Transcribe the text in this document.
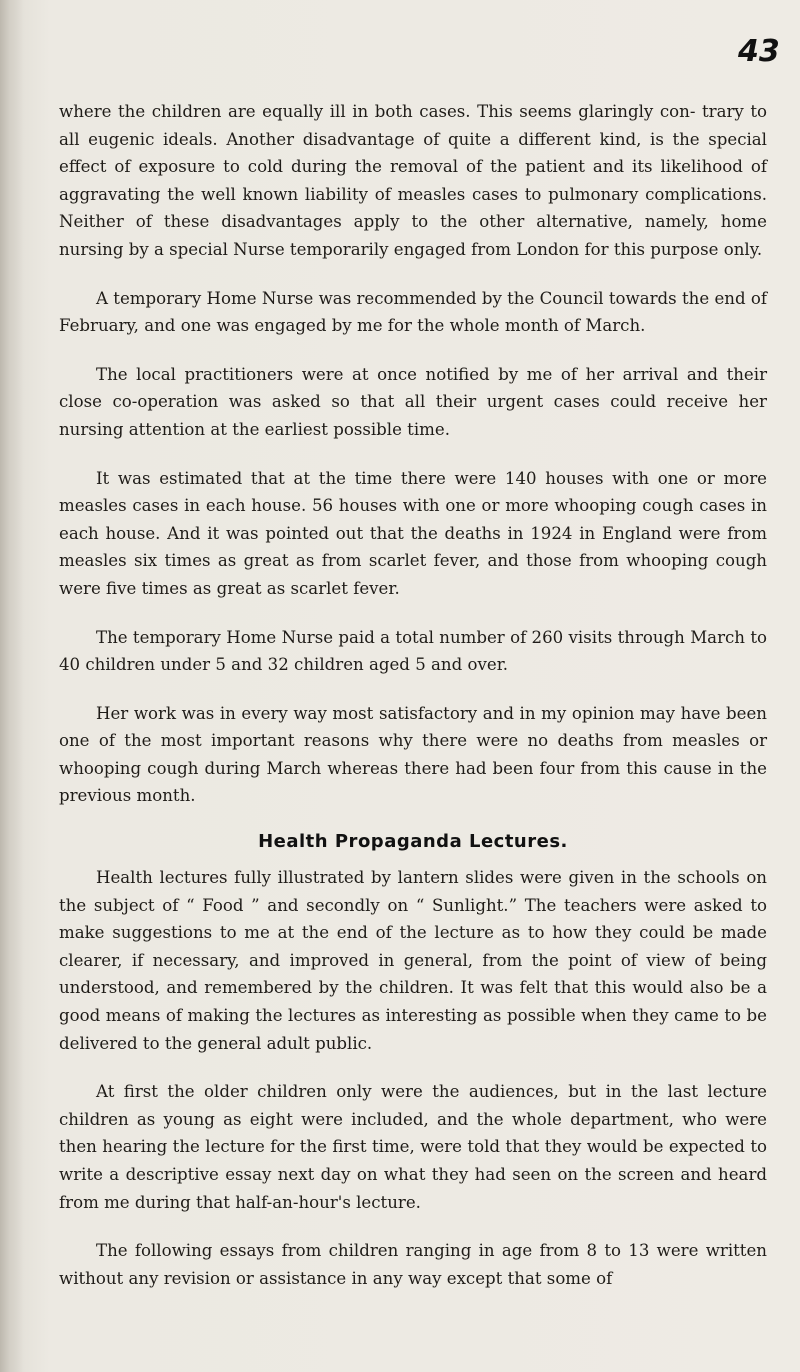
43

where the children are equally ill in both cases. This seems glaringly con- trary to all eugenic ideals. Another disadvantage of quite a different kind, is the special effect of exposure to cold during the removal of the patient and its likelihood of aggravating the well known liability of measles cases to pulmonary complications. Neither of these disadvantages apply to the other alternative, namely, home nursing by a special Nurse temporarily engaged from London for this purpose only.

A temporary Home Nurse was recommended by the Council towards the end of February, and one was engaged by me for the whole month of March.

The local practitioners were at once notified by me of her arrival and their close co-operation was asked so that all their urgent cases could receive her nursing attention at the earliest possible time.

It was estimated that at the time there were 140 houses with one or more measles cases in each house. 56 houses with one or more whooping cough cases in each house. And it was pointed out that the deaths in 1924 in England were from measles six times as great as from scarlet fever, and those from whooping cough were five times as great as scarlet fever.

The temporary Home Nurse paid a total number of 260 visits through March to 40 children under 5 and 32 children aged 5 and over.

Her work was in every way most satisfactory and in my opinion may have been one of the most important reasons why there were no deaths from measles or whooping cough during March whereas there had been four from this cause in the previous month.

Health Propaganda Lectures.

Health lectures fully illustrated by lantern slides were given in the schools on the subject of “ Food ” and secondly on “ Sunlight.” The teachers were asked to make suggestions to me at the end of the lecture as to how they could be made clearer, if necessary, and improved in general, from the point of view of being understood, and remembered by the children. It was felt that this would also be a good means of making the lectures as interesting as possible when they came to be delivered to the general adult public.

At first the older children only were the audiences, but in the last lecture children as young as eight were included, and the whole department, who were then hearing the lecture for the first time, were told that they would be expected to write a descriptive essay next day on what they had seen on the screen and heard from me during that half-an-hour's lecture.

The following essays from children ranging in age from 8 to 13 were written without any revision or assistance in any way except that some of
